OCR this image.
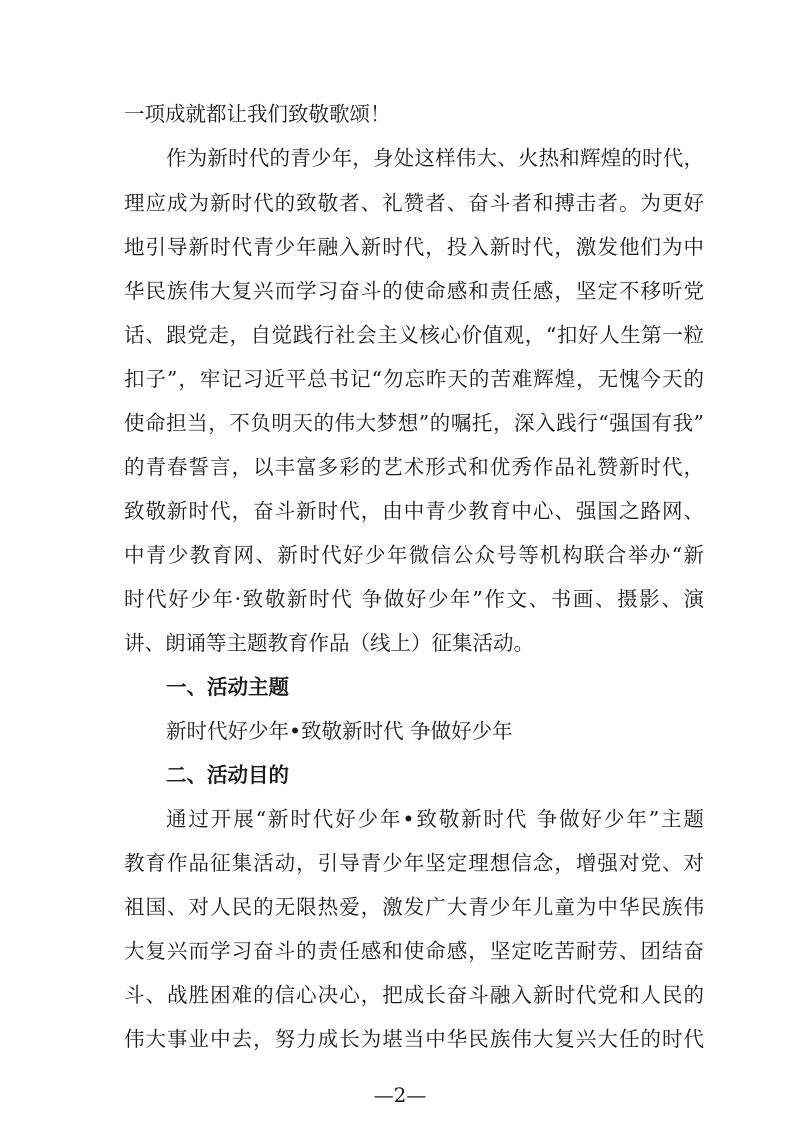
一项成就都让我们致敬歌颂！
作为新时代的青少年，身处这样伟大、火热和辉煌的时代，
理应成为新时代的致敬者、礼赞者、奋斗者和搏击者。为更好
地引导新时代青少年融入新时代，投入新时代，激发他们为中
华民族伟大复兴而学习奋斗的使命感和责任感，坚定不移听党
话、跟党走，自觉践行社会主义核心价值观，“扣好人生第一粒
扣子”，牢记习近平总书记“勿忘昨天的苦难辉煌，无愧今天的
使命担当，不负明天的伟大梦想”的嘱托，深入践行“强国有我”
的青春誓言，以丰富多彩的艺术形式和优秀作品礼赞新时代，
致敬新时代，奋斗新时代，由中青少教育中心、强国之路网、
中青少教育网、新时代好少年微信公众号等机构联合举办“新
时代好少年·致敬新时代 争做好少年”作文、书画、摄影、演
讲、朗诵等主题教育作品（线上）征集活动。
一、活动主题
新时代好少年•致敬新时代 争做好少年
二、活动目的
通过开展“新时代好少年•致敬新时代 争做好少年”主题
教育作品征集活动，引导青少年坚定理想信念，增强对党、对
祖国、对人民的无限热爱，激发广大青少年儿童为中华民族伟
大复兴而学习奋斗的责任感和使命感，坚定吃苦耐劳、团结奋
斗、战胜困难的信心决心，把成长奋斗融入新时代党和人民的
伟大事业中去，努力成长为堪当中华民族伟大复兴大任的时代
—2—
